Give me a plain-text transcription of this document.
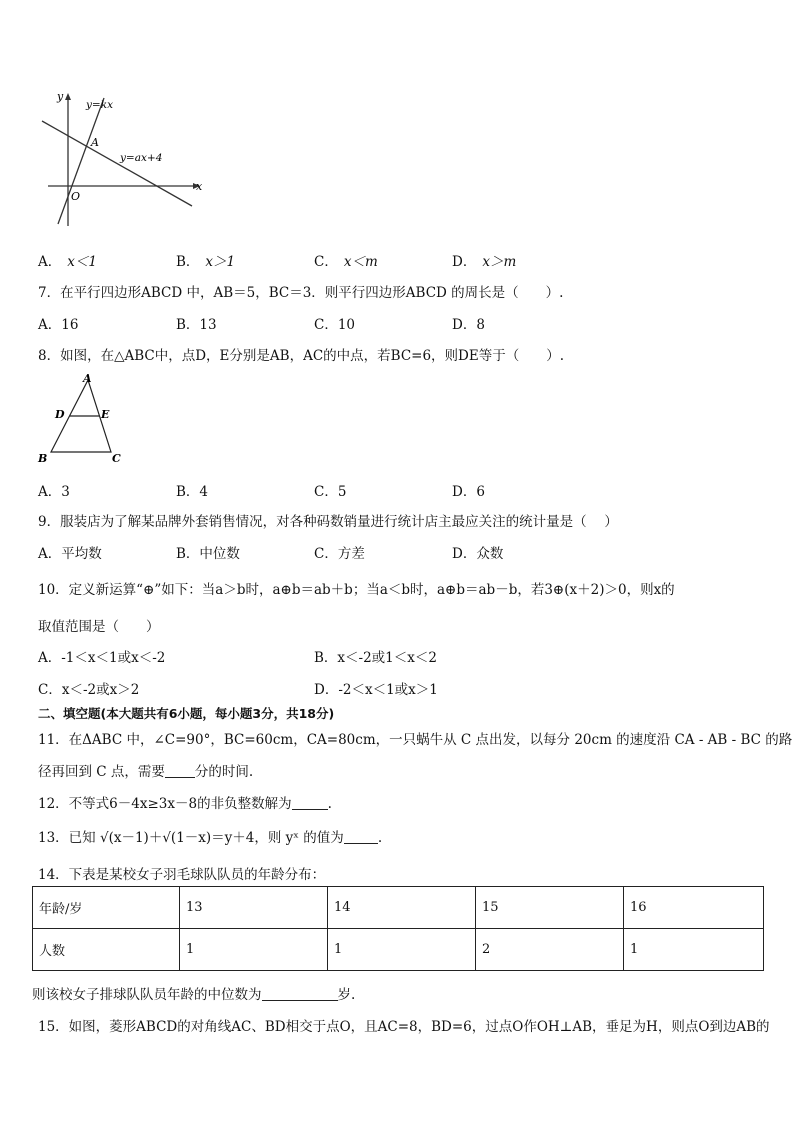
y
x
O
A
y=kx
y=ax+4
A． x＜1	B． x＞1	C． x＜m	D． x＞m
7．在平行四边形ABCD 中，AB＝5，BC＝3．则平行四边形ABCD 的周长是（　　）.
A．16	B．13	C．10	D．8
8．如图，在△ABC中，点D，E分别是AB，AC的中点，若BC=6，则DE等于（　　）.
A
B	C
D	E
A．3	B．4	C．5	D．6
9．服装店为了解某品牌外套销售情况，对各种码数销量进行统计店主最应关注的统计量是（　 ）
A．平均数	B．中位数	C．方差	D．众数
10．定义新运算“⊕”如下：当a＞b时，a⊕b＝ab＋b；当a＜b时，a⊕b＝ab－b，若3⊕(x＋2)＞0，则x的
取值范围是（　　）
A．-1＜x＜1或x＜-2	B．x＜-2或1＜x＜2
C．x＜-2或x＞2	D．-2＜x＜1或x＞1
二、填空题(本大题共有6小题，每小题3分，共18分)
11．在ΔABC 中，∠C=90°，BC=60cm，CA=80cm，一只蜗牛从 C 点出发，以每分 20cm 的速度沿 CA - AB - BC 的路
径再回到 C 点，需要 分的时间.
12．不等式6－4x≥3x－8的非负整数解为	.
13．已知 √(x－1)＋√(1－x)＝y＋4，则 yˣ 的值为	.
14．下表是某校女子羽毛球队队员的年龄分布：
年龄/岁	13	14	15	16
人数	1	1	2	1
则该校女子排球队队员年龄的中位数为	岁.
15．如图，菱形ABCD的对角线AC、BD相交于点O，且AC=8，BD=6，过点O作OH⊥AB，垂足为H，则点O到边AB的
